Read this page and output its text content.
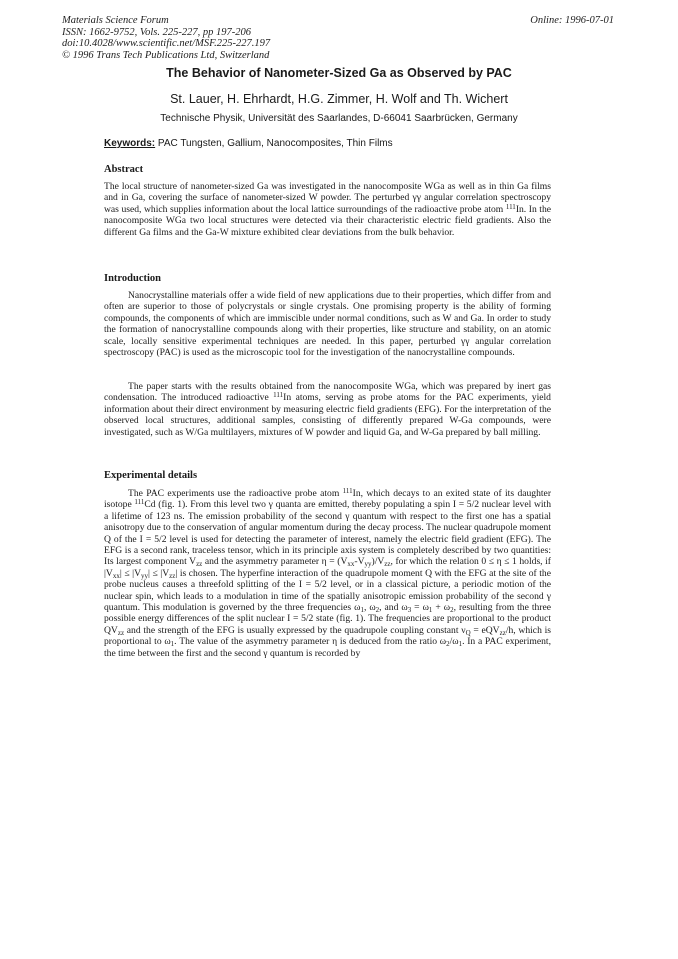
Materials Science Forum
ISSN: 1662-9752, Vols. 225-227, pp 197-206
doi:10.4028/www.scientific.net/MSF.225-227.197
© 1996 Trans Tech Publications Ltd, Switzerland
Online: 1996-07-01
The Behavior of Nanometer-Sized Ga as Observed by PAC
St. Lauer, H. Ehrhardt, H.G. Zimmer, H. Wolf and Th. Wichert
Technische Physik, Universität des Saarlandes, D-66041 Saarbrücken, Germany
Keywords: PAC Tungsten, Gallium, Nanocomposites, Thin Films
Abstract

The local structure of nanometer-sized Ga was investigated in the nanocomposite WGa as well as in thin Ga films and in Ga, covering the surface of nanometer-sized W powder. The perturbed γγ angular correlation spectroscopy was used, which supplies information about the local lattice surroundings of the radioactive probe atom $^{111}$In. In the nanocomposite WGa two local structures were detected via their characteristic electric field gradients. Also the different Ga films and the Ga-W mixture exhibited clear deviations from the bulk behavior.

Introduction

Nanocrystalline materials offer a wide field of new applications due to their properties, which differ from and often are superior to those of polycrystals or single crystals. One promising property is the ability of forming compounds, the components of which are immiscible under normal conditions, such as W and Ga. In order to study the formation of nanocrystalline compounds along with their properties, like structure and stability, on an atomic scale, locally sensitive experimental techniques are needed. In this paper, perturbed γγ angular correlation spectroscopy (PAC) is used as the microscopic tool for the investigation of the nanocrystalline compounds.

The paper starts with the results obtained from the nanocomposite WGa, which was prepared by inert gas condensation. The introduced radioactive $^{111}$In atoms, serving as probe atoms for the PAC experiments, yield information about their direct environment by measuring electric field gradients (EFG). For the interpretation of the observed local structures, additional samples, consisting of differently prepared W-Ga compounds, were investigated, such as W/Ga multilayers, mixtures of W powder and liquid Ga, and W-Ga prepared by ball milling.

Experimental details

The PAC experiments use the radioactive probe atom $^{111}$In, which decays to an exited state of its daughter isotope $^{111}$Cd (fig. 1). From this level two γ quanta are emitted, thereby populating a spin I = 5/2 nuclear level with a lifetime of 123 ns. The emission probability of the second γ quantum with respect to the first one has a spatial anisotropy due to the conservation of angular momentum during the decay process. The nuclear quadrupole moment Q of the I = 5/2 level is used for detecting the parameter of interest, namely the electric field gradient (EFG). The EFG is a second rank, traceless tensor, which in its principle axis system is completely described by two quantities: Its largest component $V_{zz}$ and the asymmetry parameter $\eta = (V_{xx}-V_{yy})/V_{zz}$, for which the relation 0 ≤ η ≤ 1 holds, if $|V_{xx}| \le |V_{yy}| \le |V_{zz}|$ is chosen. The hyperfine interaction of the quadrupole moment Q with the EFG at the site of the probe nucleus causes a threefold splitting of the I = 5/2 level, or in a classical picture, a periodic motion of the nuclear spin, which leads to a modulation in time of the spatially anisotropic emission probability of the second γ quantum. This modulation is governed by the three frequencies $\omega_1$, $\omega_2$, and $\omega_3 = \omega_1 + \omega_2$, resulting from the three possible energy differences of the split nuclear I = 5/2 state (fig. 1). The frequencies are proportional to the product $QV_{zz}$ and the strength of the EFG is usually expressed by the quadrupole coupling constant $\nu_Q = eQV_{zz}/h$, which is proportional to $\omega_1$. The value of the asymmetry parameter η is deduced from the ratio $\omega_2/\omega_1$. In a PAC experiment, the time between the first and the second γ quantum is recorded by
